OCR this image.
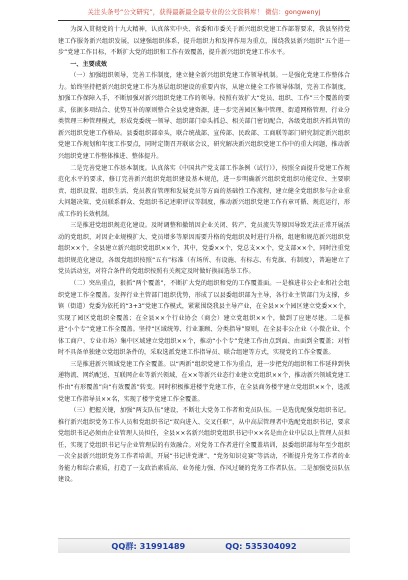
关注头条号“公文研究”，获得最新最全最专业的公文资料库！ 微信：gongwenyj

为深入贯彻党的十九大精神，认真落实中央、省委和市委关于新兴组织党建工作部署要求，我县坚持党建工作服务新兴组织发展，以建强组织体系，提升组织力和发挥作用为重点，围绕我县新兴组织“五个进一步”党建工作目标，不断扩大党的组织和工作有效覆盖，提升新兴组织党建工作水平。

一、主要成效

（一）加强组织领导，完善工作制度，建立健全新兴组织党建工作领导机制。一是强化党建工作整体合力。始终坚持把新兴组织党建工作为基层组织建设的重要内容，从建立健全工作领导体制，完善工作制度，加强工作保障入手，不断加强对新兴组织党建工作的领导。按照有效扩大“党员、组织、工作”三个覆盖的要求，依据多项结合、优势互补的原则整合全县党建资源，进一步完善园区集中管理、街道网格管理、行业分类管理三种管理模式，形成党委统一领导、组织部门牵头抓总、相关部门密切配合，各级党组织齐抓共管的新兴组织党建工作格局。县委组织部牵头，联合统战部、宣传部、民政部、工商联等部门研究制定新兴组织党建工作规划和年度工作要点，同时定期召开联席会议，研究解决新兴组织党建工作中的重大问题，推动新兴组织党建工作整体推进、整体提升。

二是完善党建工作基本制度。认真落实《中国共产党支部工作条例（试行）》，按照全面提升党建工作规范化水平的要求，修订完善新兴组织党组织建设基本规范，进一步明确新兴组织党组织功能定位、主要职责、组织设置、组织生活、党员教育管理和发展党员等方面的基础性工作流程，建立健全党组织参与企业重大问题决策、党员联系群众、党组织书记述职评议等制度，推动新兴组织党建工作有章可循、规范运行，形成工作的长效机制。

三是推进党组织规范化建设。及时调整和撤销因企业关闭、转产、党员流失等原因导致无法正常开展活动的党组织，对因企业规模扩大、党员增多等原因需要升格的党组织及时进行升格，组建和规范新兴组织党组织××个，全县建立新兴组织党组织××个，其中，党委××个，党总支××个，党支部××个，同时注重党组织规范化建设，各级党组织按照“五有”标准（有场所、有设施、有标志、有党旗、有制度），普遍建立了党员活动室，对符合条件的党组织按照有关规定及时做好换届选举工作。

（二）突出重点，狠抓“两个覆盖”，不断扩大党的组织和党的工作覆盖面。一是推进非公企业和社会组织党建工作全覆盖。发挥行业主管部门组织优势，形成了以县委组织部为主导，各行业主管部门为支撑，乡镇（街道）党委为依托的“3+3”党建工作模式，紧紧围绕我县主导产业，在全县××个园区建立党委××个，实现了园区党组织全覆盖；在全县××个行业协会（商会）建立党组织××个，做到了应建尽建。二是推进“小个专”党建工作全覆盖。坚持“区域统筹、行业兼顾、分类指导”原则，在全县非公企业（小微企业、个体工商户、专业市场）集中区域建立党组织××个，推动“小个专”党建工作由点到面、由面到全覆盖；对暂时不具备单独建立党组织条件的，采取选派党建工作指导员、联合组建等方式，实现党的工作全覆盖。

三是推进新兴领域党建工作全覆盖。以“两新”组织党建工作为重点，进一步把党的组织和工作延伸到快递物流、网约配送、互联网企业等新兴领域，在××等新兴业态行业建立党组织××个，推动新兴领域党建工作由“有形覆盖”向“有效覆盖”转变。同时积极推进楼宇党建工作，在全县商务楼宇建立党组织××个，选派党建工作指导员××名，实现了楼宇党建工作全覆盖。

（三）把握关键，加强“两支队伍”建设，不断壮大党务工作者和党员队伍。一是选优配强党组织书记。推行新兴组织党务工作人员和党组织书记“双向进入、交叉任职”，从中高层管理者中选配党组织书记，要求党组织书记必须由企业管理人员担任，全县××名新兴组织党组织书记中××名是由企业中层以上管理人员担任，实现了党组织书记与企业管理层的有效融合。对党务工作者进行全覆盖培训，县委组织部每年至少组织一次全县新兴组织党务工作者培训，开展“书记讲党课”、“党务知识竞赛”等活动，不断提升党务工作者的业务能力和综合素质，打造了一支政治素质高、业务能力强、作风过硬的党务工作者队伍。二是加强党员队伍建设。

QQ群: 31991489	QQ: 535304092
